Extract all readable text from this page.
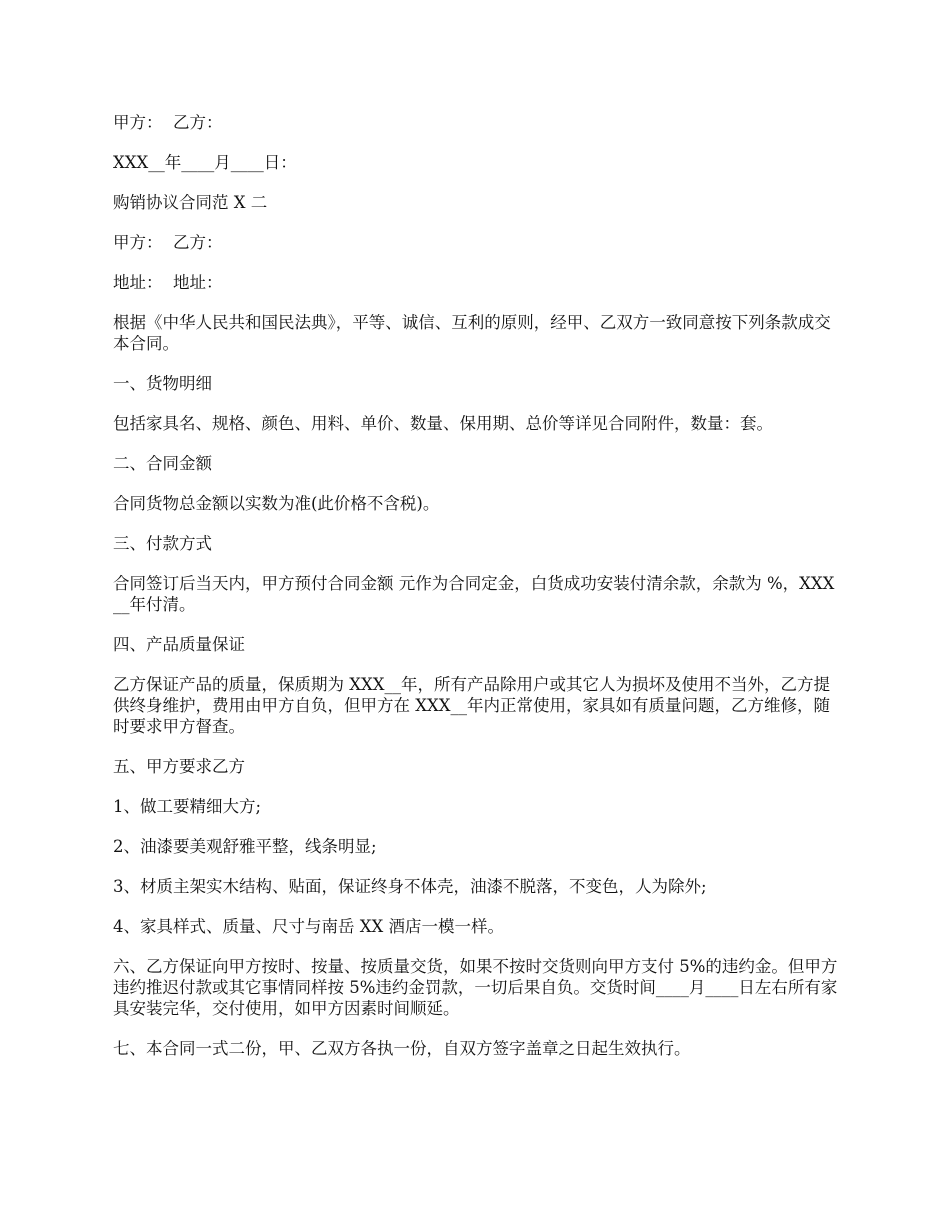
甲方：  乙方：

XXX__年____月____日：

购销协议合同范 X 二

甲方：  乙方：

地址：  地址：

根据《中华人民共和国民法典》，平等、诚信、互利的原则，经甲、乙双方一致同意按下列条款成交本合同。

一、货物明细

包括家具名、规格、颜色、用料、单价、数量、保用期、总价等详见合同附件，数量：套。

二、合同金额

合同货物总金额以实数为准(此价格不含税)。

三、付款方式

合同签订后当天内，甲方预付合同金额 元作为合同定金，白货成功安装付清余款，余款为 %，XXX__年付清。

四、产品质量保证

乙方保证产品的质量，保质期为 XXX__年，所有产品除用户或其它人为损坏及使用不当外，乙方提供终身维护，费用由甲方自负，但甲方在 XXX__年内正常使用，家具如有质量问题，乙方维修，随时要求甲方督查。

五、甲方要求乙方

1、做工要精细大方;

2、油漆要美观舒雅平整，线条明显;

3、材质主架实木结构、贴面，保证终身不体壳，油漆不脱落，不变色，人为除外;

4、家具样式、质量、尺寸与南岳 XX 酒店一模一样。

六、乙方保证向甲方按时、按量、按质量交货，如果不按时交货则向甲方支付 5%的违约金。但甲方违约推迟付款或其它事情同样按 5%违约金罚款，一切后果自负。交货时间____月____日左右所有家具安装完华，交付使用，如甲方因素时间顺延。

七、本合同一式二份，甲、乙双方各执一份，自双方签字盖章之日起生效执行。
